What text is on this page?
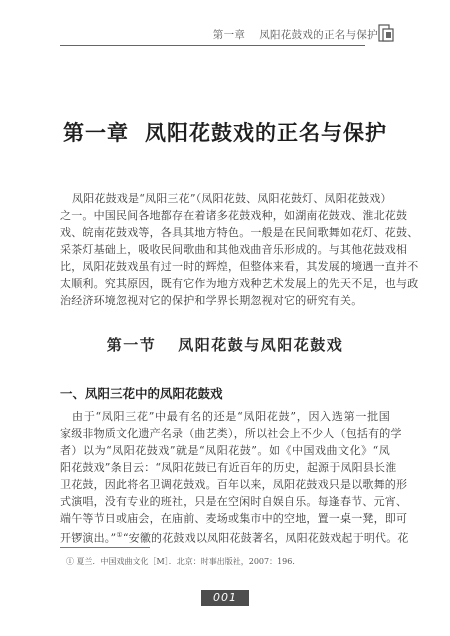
第一章 凤阳花鼓戏的正名与保护
第一章 凤阳花鼓戏的正名与保护
凤阳花鼓戏是“凤阳三花”（凤阳花鼓、凤阳花鼓灯、凤阳花鼓戏）
之一。中国民间各地都存在着诸多花鼓戏种，如湖南花鼓戏、淮北花鼓
戏、皖南花鼓戏等，各具其地方特色。一般是在民间歌舞如花灯、花鼓、
采茶灯基础上，吸收民间歌曲和其他戏曲音乐形成的。与其他花鼓戏相
比，凤阳花鼓戏虽有过一时的辉煌，但整体来看，其发展的境遇一直并不
太顺利。究其原因，既有它作为地方戏种艺术发展上的先天不足，也与政
治经济环境忽视对它的保护和学界长期忽视对它的研究有关。
第一节 凤阳花鼓与凤阳花鼓戏
一、凤阳三花中的凤阳花鼓戏
由于“凤阳三花”中最有名的还是“凤阳花鼓”，因入选第一批国
家级非物质文化遗产名录（曲艺类），所以社会上不少人（包括有的学
者）以为“凤阳花鼓戏”就是“凤阳花鼓”。如《中国戏曲文化》“凤
阳花鼓戏”条目云：“凤阳花鼓已有近百年的历史，起源于凤阳县长淮
卫花鼓，因此将名卫调花鼓戏。百年以来，凤阳花鼓戏只是以歌舞的形
式演唱，没有专业的班社，只是在空闲时自娱自乐。每逢春节、元宵、
端午等节日或庙会，在庙前、麦场或集市中的空地，置一桌一凳，即可
开锣演出。”①“安徽的花鼓戏以凤阳花鼓著名，凤阳花鼓戏起于明代。花
① 夏兰．中国戏曲文化［M］．北京：时事出版社，2007：196．
001
